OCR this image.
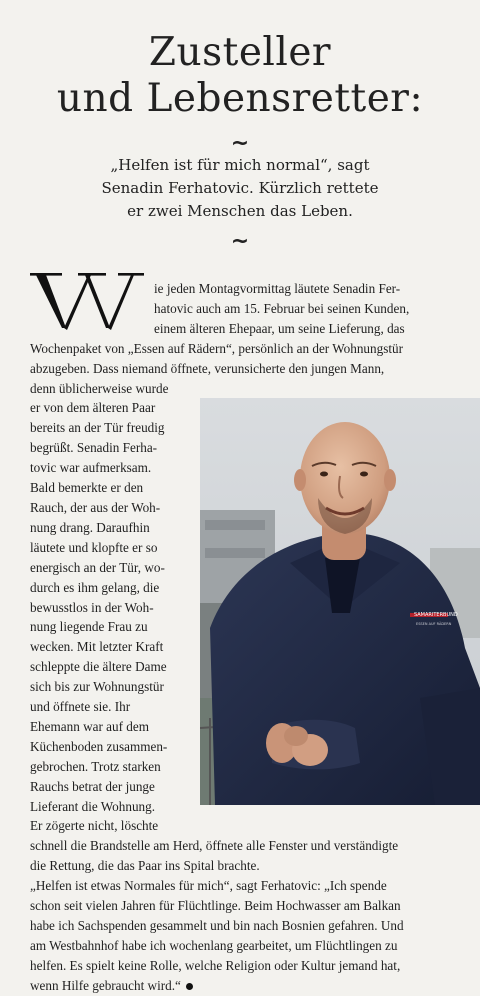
Zusteller
und Lebensretter:
~
„Helfen ist für mich normal“, sagt
Senadin Ferhatovic. Kürzlich rettete
er zwei Menschen das Leben.
~
W
ie jeden Montagvormittag läutete Senadin Fer-
hatovic auch am 15. Februar bei seinen Kunden,
einem älteren Ehepaar, um seine Lieferung, das
Wochenpaket von „Essen auf Rädern“, persönlich an der Wohnungstür
abzugeben. Dass niemand öffnete, verunsicherte den jungen Mann,
denn üblicherweise wurde
er von dem älteren Paar
bereits an der Tür freudig
begrüßt. Senadin Ferha-
tovic war aufmerksam.
Bald bemerkte er den
Rauch, der aus der Woh-
nung drang. Daraufhin
läutete und klopfte er so
energisch an der Tür, wo-
durch es ihm gelang, die
bewusstlos in der Woh-
nung liegende Frau zu
wecken. Mit letzter Kraft
schleppte die ältere Dame
sich bis zur Wohnungstür
und öffnete sie. Ihr
Ehemann war auf dem
Küchenboden zusammen-
gebrochen. Trotz starken
Rauchs betrat der junge
Lieferant die Wohnung.
Er zögerte nicht, löschte
schnell die Brandstelle am Herd, öffnete alle Fenster und verständigte
die Rettung, die das Paar ins Spital brachte.
„Helfen ist etwas Normales für mich“, sagt Ferhatovic: „Ich spende
schon seit vielen Jahren für Flüchtlinge. Beim Hochwasser am Balkan
habe ich Sachspenden gesammelt und bin nach Bosnien gefahren. Und
am Westbahnhof habe ich wochenlang gearbeitet, um Flüchtlingen zu
helfen. Es spielt keine Rolle, welche Religion oder Kultur jemand hat,
wenn Hilfe gebraucht wird.“
SAMARITERBUND
ESSEN AUF RÄDERN
